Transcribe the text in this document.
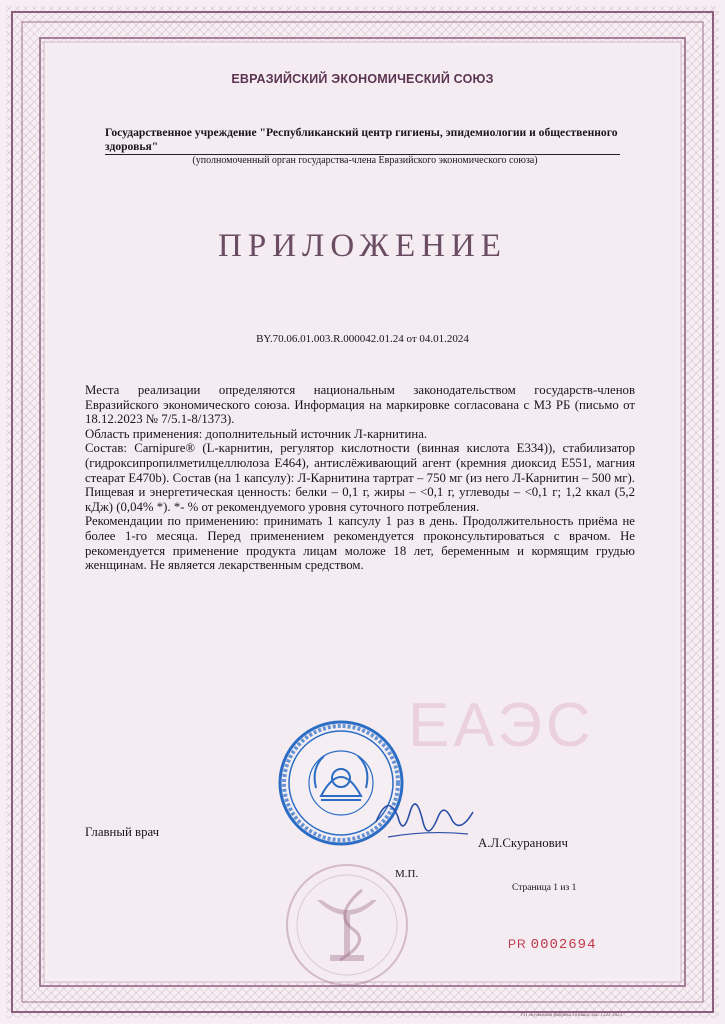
ЕАЭС
ЕВРАЗИЙСКИЙ ЭКОНОМИЧЕСКИЙ СОЮЗ
Государственное учреждение "Республиканский центр гигиены, эпидемиологии и общественного здоровья"
(уполномоченный орган государства-члена Евразийского экономического союза)
ПРИЛОЖЕНИЕ
BY.70.06.01.003.R.000042.01.24 от 04.01.2024

Места реализации определяются национальным законодательством государств-членов Евразийского экономического союза. Информация на маркировке согласована с МЗ РБ (письмо от 18.12.2023 № 7/5.1-8/1373).

Область применения: дополнительный источник Л-карнитина.

Состав: Carnipure® (L-карнитин, регулятор кислотности (винная кислота E334)), стабилизатор (гидроксипропилметилцеллюлоза E464), антислёживающий агент (кремния диоксид E551, магния стеарат E470b). Состав (на 1 капсулу): Л-Карнитина тартрат – 750 мг (из него Л-Карнитин – 500 мг). Пищевая и энергетическая ценность: белки – 0,1 г, жиры – <0,1 г, углеводы – <0,1 г; 1,2 ккал (5,2 кДж) (0,04% *). *- % от рекомендуемого уровня суточного потребления.

Рекомендации по применению: принимать 1 капсулу 1 раз в день. Продолжительность приёма не более 1-го месяца. Перед применением рекомендуется проконсультироваться с врачом. Не рекомендуется применение продукта лицам моложе 18 лет, беременным и кормящим грудью женщинам. Не является лекарственным средством.

Главный врач
А.Л.Скуранович
М.П.
Страница 1 из 1
PR 0002694
УП «Бумажная фабрика Гознака, зак. 1223-2023
